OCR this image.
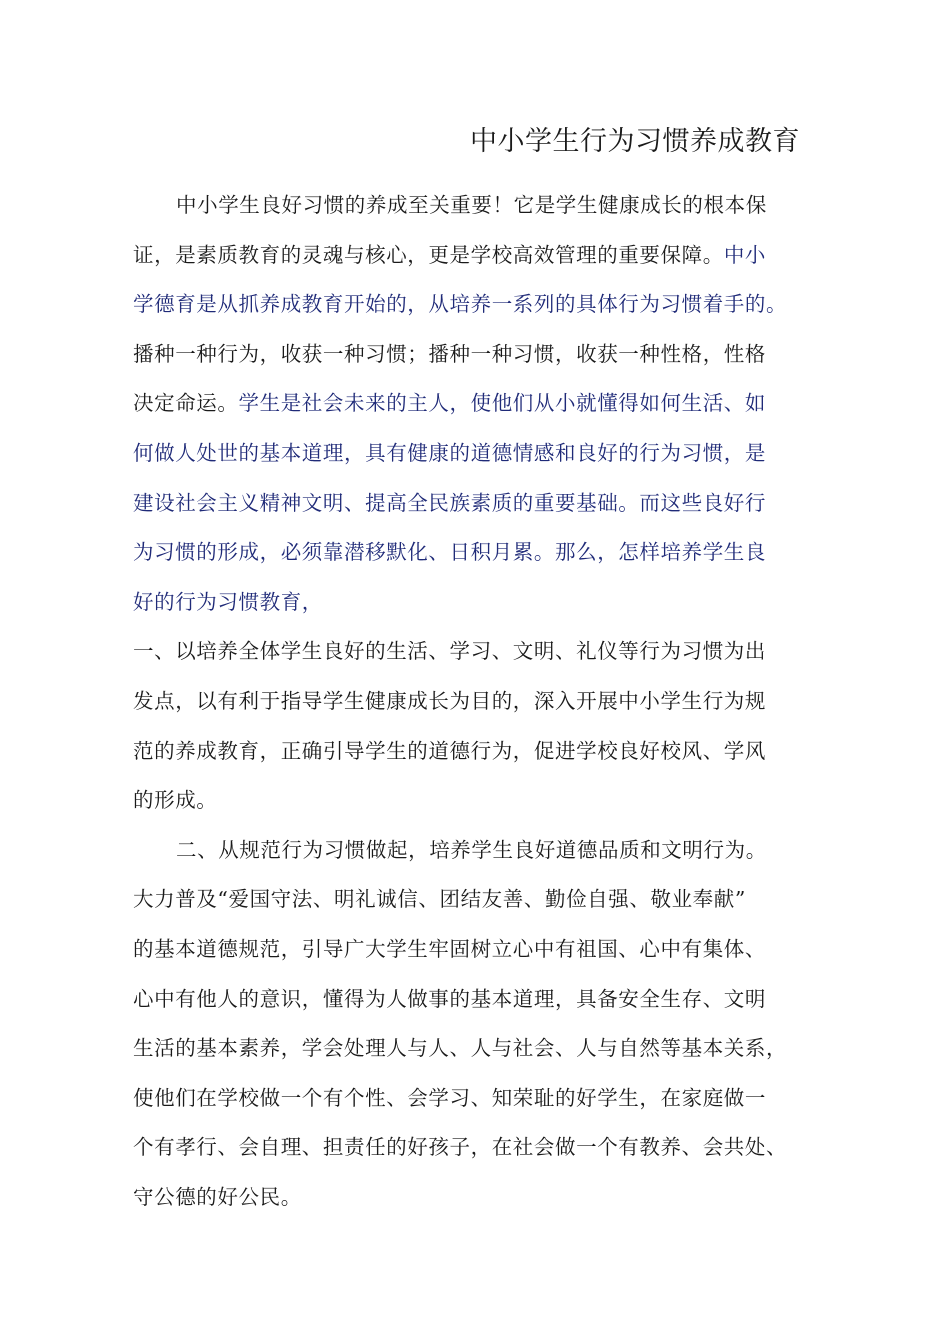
中小学生行为习惯养成教育
中小学生良好习惯的养成至关重要！它是学生健康成长的根本保
证，是素质教育的灵魂与核心，更是学校高效管理的重要保障。中小
学德育是从抓养成教育开始的，从培养一系列的具体行为习惯着手的。
播种一种行为，收获一种习惯；播种一种习惯，收获一种性格，性格
决定命运。学生是社会未来的主人，使他们从小就懂得如何生活、如
何做人处世的基本道理，具有健康的道德情感和良好的行为习惯，是
建设社会主义精神文明、提高全民族素质的重要基础。而这些良好行
为习惯的形成，必须靠潜移默化、日积月累。那么，怎样培养学生良
好的行为习惯教育，
一、以培养全体学生良好的生活、学习、文明、礼仪等行为习惯为出
发点，以有利于指导学生健康成长为目的，深入开展中小学生行为规
范的养成教育，正确引导学生的道德行为，促进学校良好校风、学风
的形成。
二、从规范行为习惯做起，培养学生良好道德品质和文明行为。
大力普及“爱国守法、明礼诚信、团结友善、勤俭自强、敬业奉献”
的基本道德规范，引导广大学生牢固树立心中有祖国、心中有集体、
心中有他人的意识，懂得为人做事的基本道理，具备安全生存、文明
生活的基本素养，学会处理人与人、人与社会、人与自然等基本关系，
使他们在学校做一个有个性、会学习、知荣耻的好学生，在家庭做一
个有孝行、会自理、担责任的好孩子，在社会做一个有教养、会共处、
守公德的好公民。
